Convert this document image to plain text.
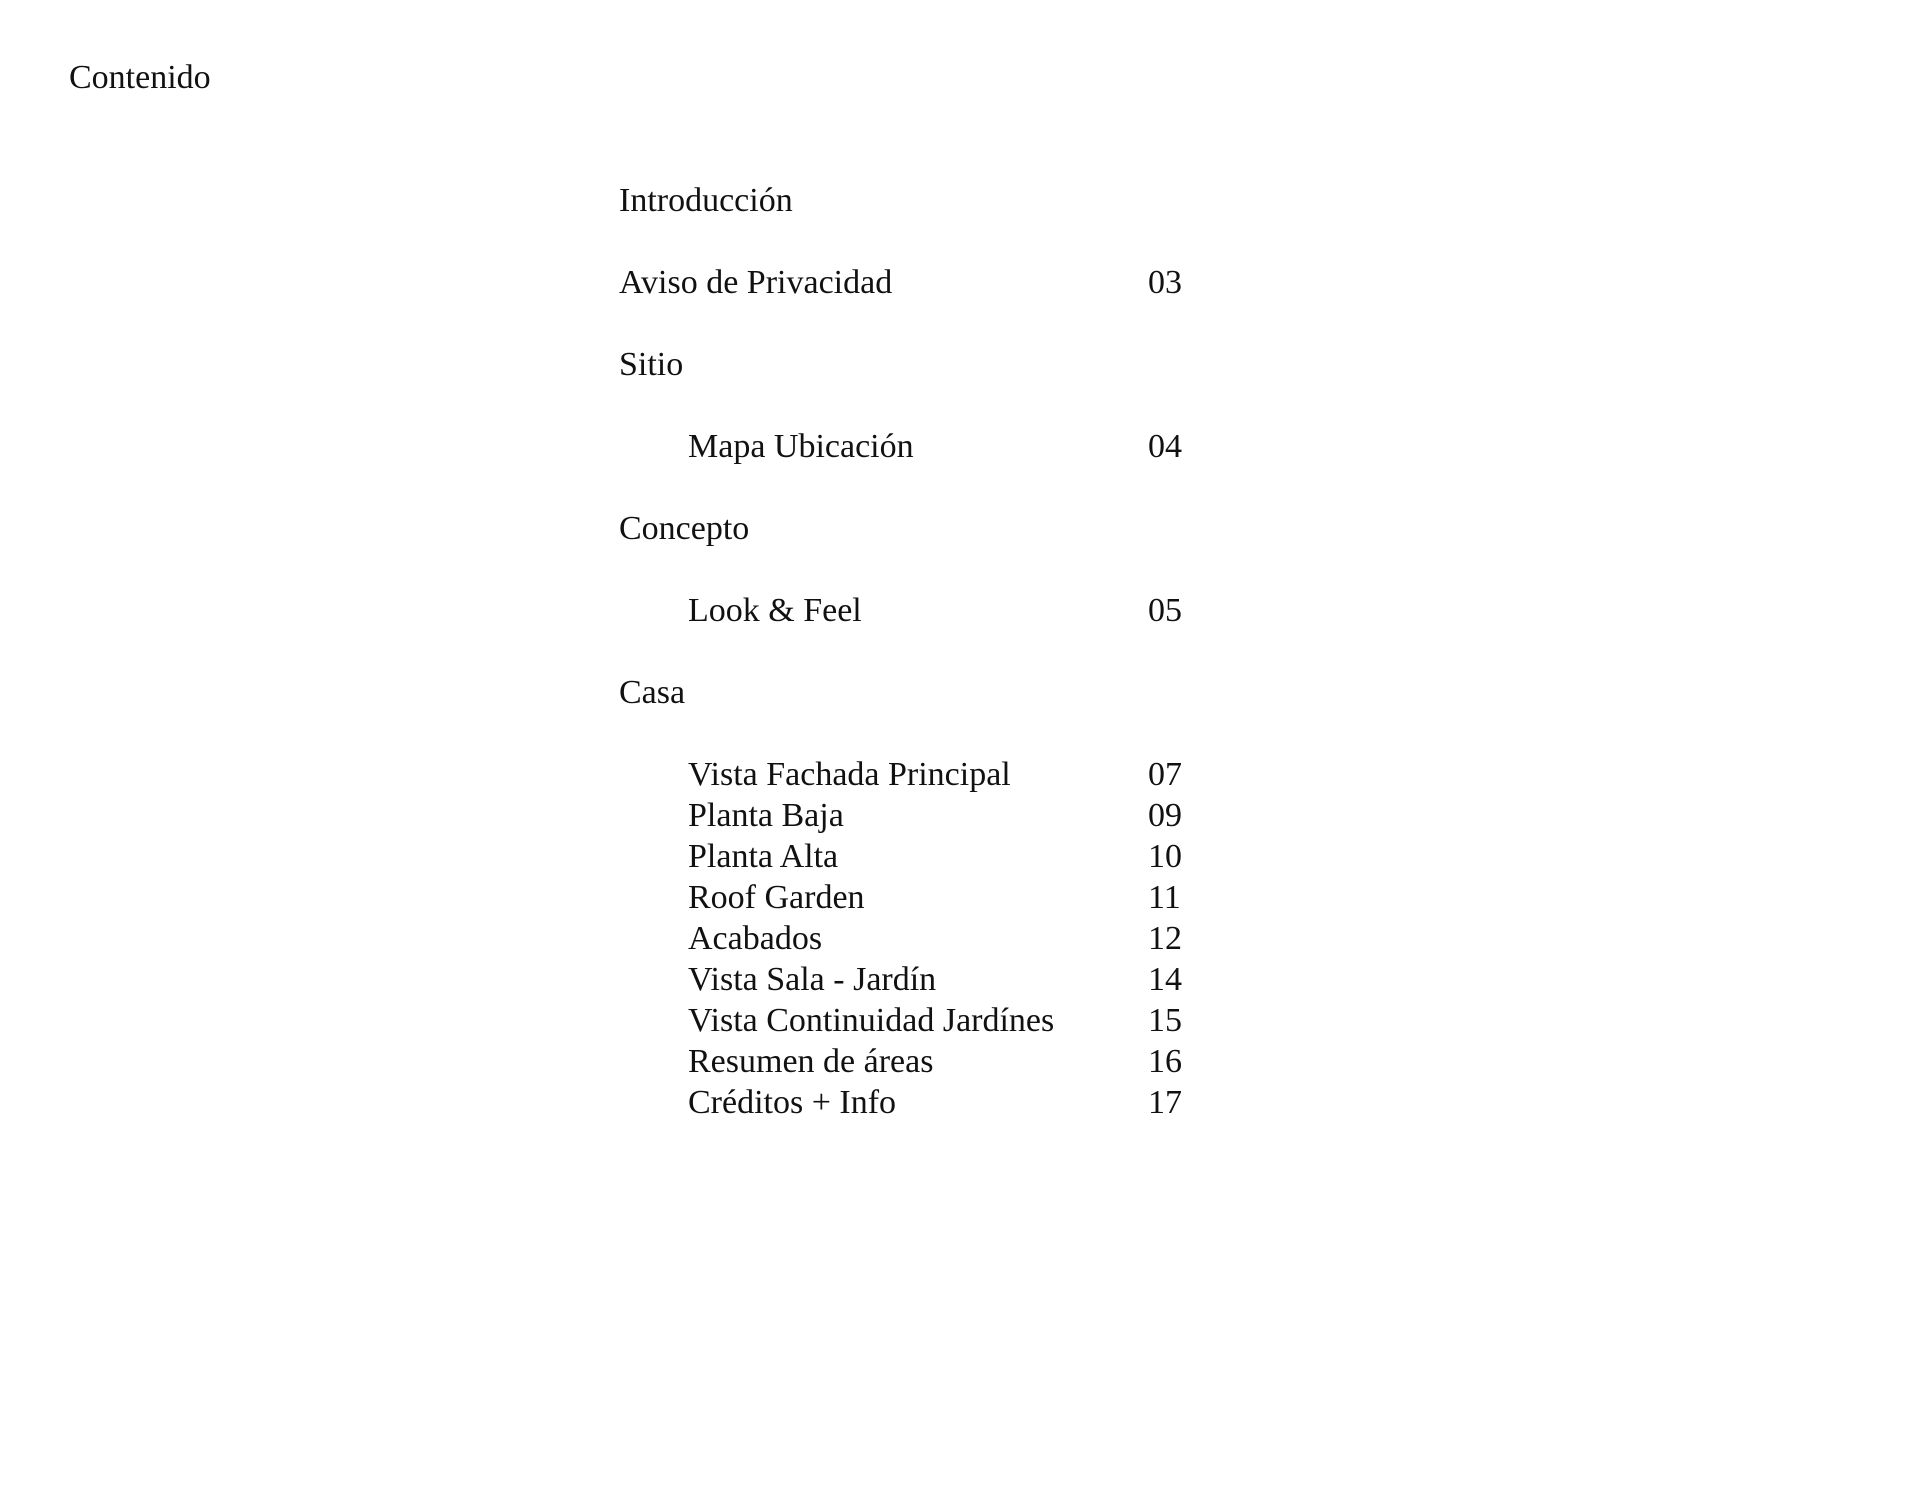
Contenido
Introducción
Aviso de Privacidad	03
Sitio
Mapa Ubicación	04
Concepto
Look & Feel	05
Casa
Vista Fachada Principal	07
Planta Baja	09
Planta Alta	10
Roof Garden	11
Acabados	12
Vista Sala - Jardín	14
Vista Continuidad Jardínes	15
Resumen de áreas	16
Créditos + Info	17
